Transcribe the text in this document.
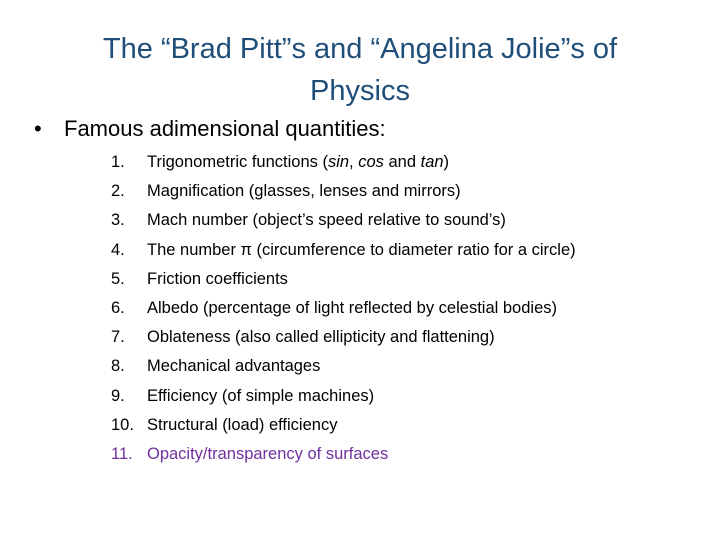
The “Brad Pitt”s and “Angelina Jolie”s of
Physics
• Famous adimensional quantities:
1.	Trigonometric functions (sin, cos and tan)
2.	Magnification (glasses, lenses and mirrors)
3.	Mach number (object’s speed relative to sound’s)
4.	The number π (circumference to diameter ratio for a circle)
5.	Friction coefficients
6.	Albedo (percentage of light reflected by celestial bodies)
7.	Oblateness (also called ellipticity and flattening)
8.	Mechanical advantages
9.	Efficiency (of simple machines)
10. Structural (load) efficiency
11. Opacity/transparency of surfaces
